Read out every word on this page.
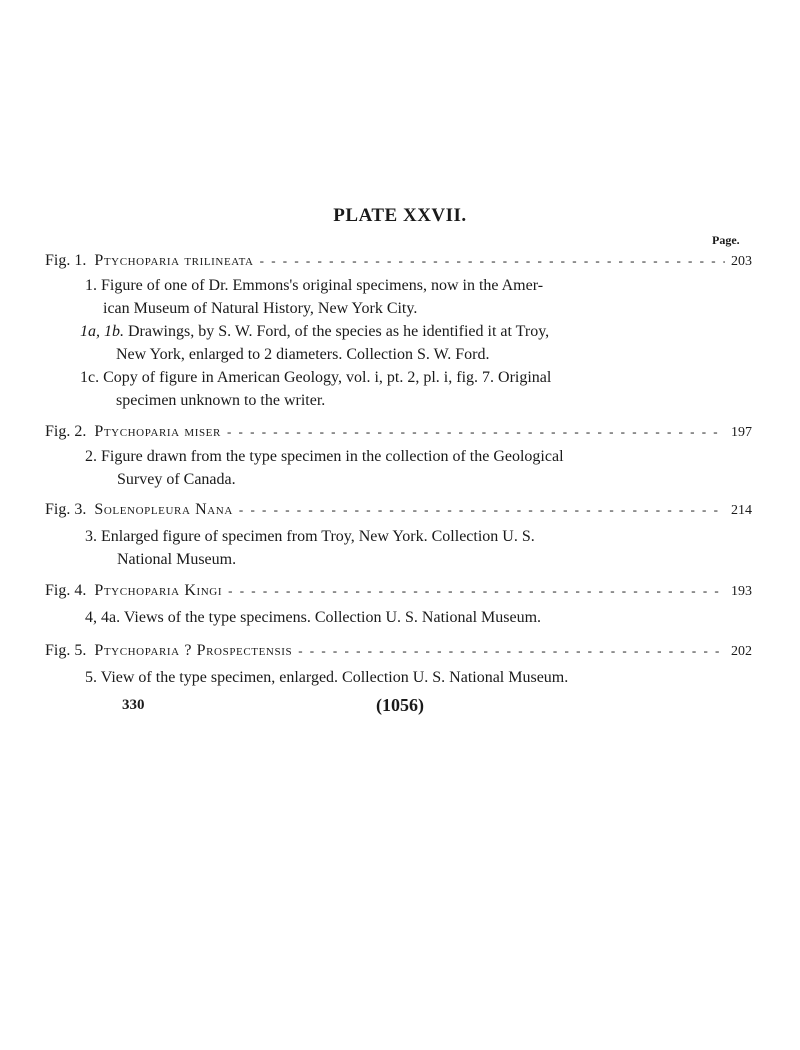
PLATE XXVII.
Page.
Fig. 1. Ptychoparia trilineata - - -	203
1. Figure of one of Dr. Emmons's original specimens, now in the Amer-
ican Museum of Natural History, New York City.
1a, 1b. Drawings, by S. W. Ford, of the species as he identified it at Troy,
New York, enlarged to 2 diameters. Collection S. W. Ford.
1c. Copy of figure in American Geology, vol. i, pt. 2, pl. i, fig. 7. Original
specimen unknown to the writer.
Fig. 2. Ptychoparia miser - - -	197
2. Figure drawn from the type specimen in the collection of the Geological
Survey of Canada.
Fig. 3. Solenopleura Nana - - -	214
3. Enlarged figure of specimen from Troy, New York. Collection U. S.
National Museum.
Fig. 4. Ptychoparia Kingi - - -	193
4, 4a. Views of the type specimens. Collection U. S. National Museum.
Fig. 5. Ptychoparia ? Prospectensis - - -	202
5. View of the type specimen, enlarged. Collection U. S. National Museum.
330	(1056)
